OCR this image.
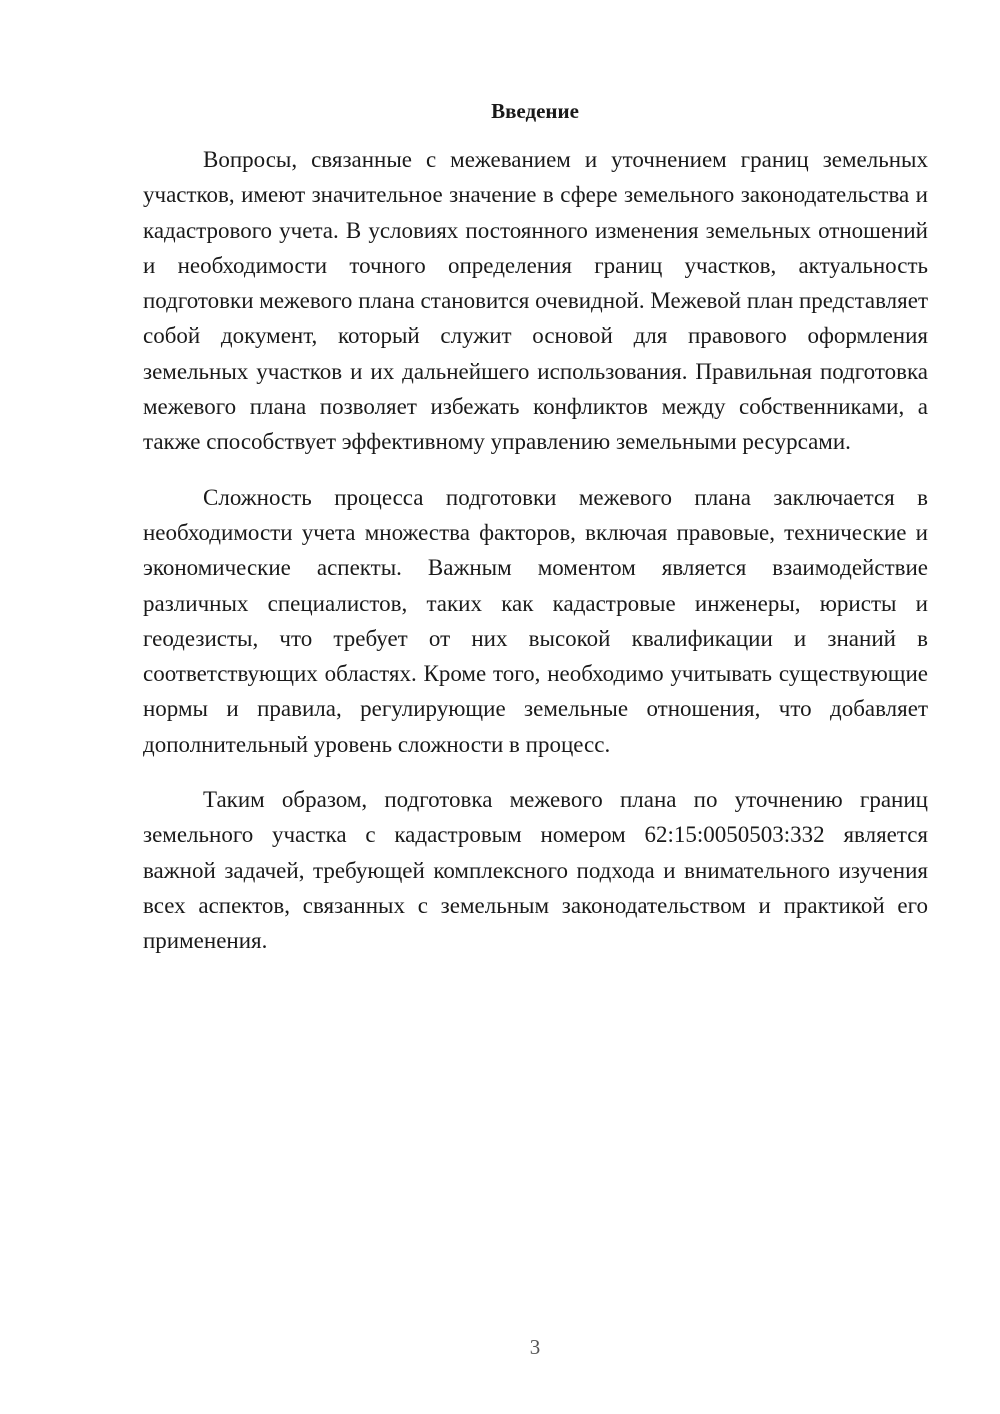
Введение

Вопросы, связанные с межеванием и уточнением границ земельных участков, имеют значительное значение в сфере земельного законодательства и кадастрового учета. В условиях постоянного изменения земельных отношений и необходимости точного определения границ участков, актуальность подготовки межевого плана становится очевидной. Межевой план представляет собой документ, который служит основой для правового оформления земельных участков и их дальнейшего использования. Правильная подготовка межевого плана позволяет избежать конфликтов между собственниками, а также способствует эффективному управлению земельными ресурсами.

Сложность процесса подготовки межевого плана заключается в необходимости учета множества факторов, включая правовые, технические и экономические аспекты. Важным моментом является взаимодействие различных специалистов, таких как кадастровые инженеры, юристы и геодезисты, что требует от них высокой квалификации и знаний в соответствующих областях. Кроме того, необходимо учитывать существующие нормы и правила, регулирующие земельные отношения, что добавляет дополнительный уровень сложности в процесс.

Таким образом, подготовка межевого плана по уточнению границ земельного участка с кадастровым номером 62:15:0050503:332 является важной задачей, требующей комплексного подхода и внимательного изучения всех аспектов, связанных с земельным законодательством и практикой его применения.

3
